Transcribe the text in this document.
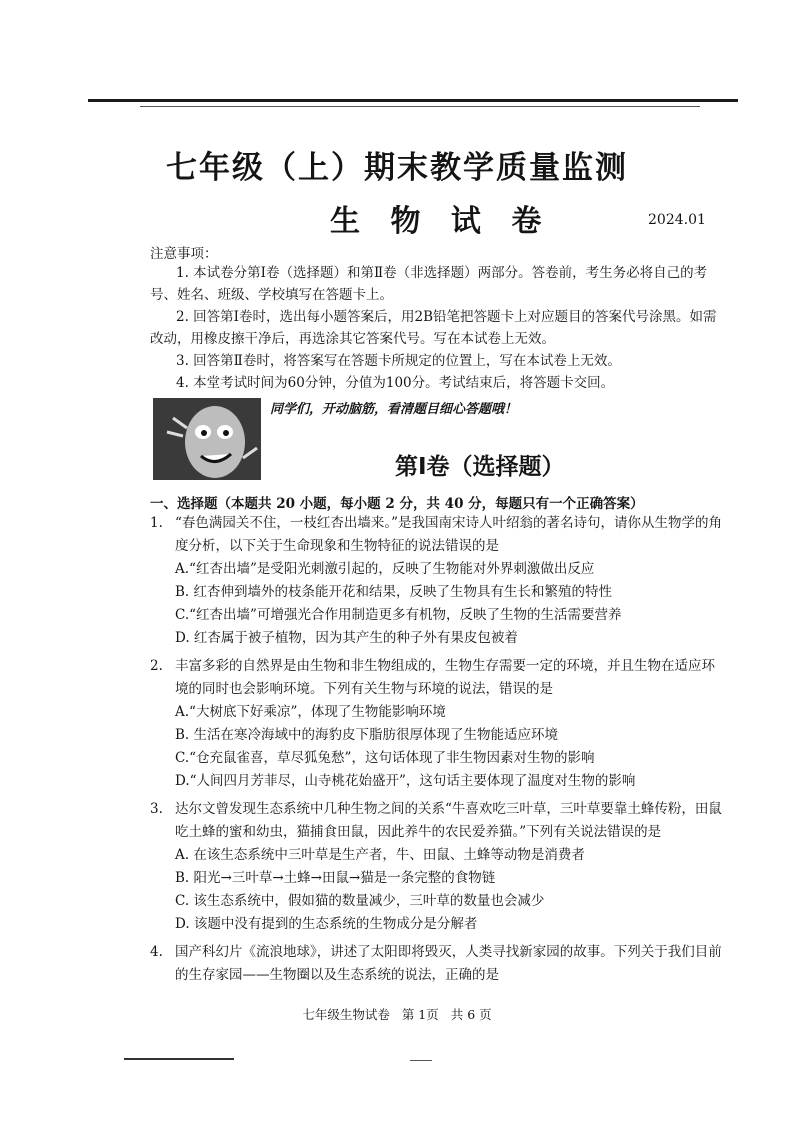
七年级（上）期末教学质量监测
生 物 试 卷	2024.01
注意事项：

1. 本试卷分第Ⅰ卷（选择题）和第Ⅱ卷（非选择题）两部分。答卷前，考生务必将自己的考号、姓名、班级、学校填写在答题卡上。

2. 回答第Ⅰ卷时，选出每小题答案后，用2B铅笔把答题卡上对应题目的答案代号涂黑。如需改动，用橡皮擦干净后，再选涂其它答案代号。写在本试卷上无效。

3. 回答第Ⅱ卷时，将答案写在答题卡所规定的位置上，写在本试卷上无效。

4. 本堂考试时间为60分钟，分值为100分。考试结束后，将答题卡交回。

同学们，开动脑筋，看清题目细心答题哦！
第Ⅰ卷（选择题）
一、选择题（本题共 20 小题，每小题 2 分，共 40 分，每题只有一个正确答案）
1. “春色满园关不住，一枝红杏出墙来。”是我国南宋诗人叶绍翁的著名诗句，请你从生物学的角度分析，以下关于生命现象和生物特征的说法错误的是
A.“红杏出墙”是受阳光刺激引起的，反映了生物能对外界刺激做出反应
B. 红杏伸到墙外的枝条能开花和结果，反映了生物具有生长和繁殖的特性
C.“红杏出墙”可增强光合作用制造更多有机物，反映了生物的生活需要营养
D. 红杏属于被子植物，因为其产生的种子外有果皮包被着
2. 丰富多彩的自然界是由生物和非生物组成的，生物生存需要一定的环境，并且生物在适应环境的同时也会影响环境。下列有关生物与环境的说法，错误的是
A.“大树底下好乘凉”，体现了生物能影响环境
B. 生活在寒冷海域中的海豹皮下脂肪很厚体现了生物能适应环境
C.“仓充鼠雀喜，草尽狐兔愁”，这句话体现了非生物因素对生物的影响
D.“人间四月芳菲尽，山寺桃花始盛开”，这句话主要体现了温度对生物的影响
3. 达尔文曾发现生态系统中几种生物之间的关系“牛喜欢吃三叶草，三叶草要靠土蜂传粉，田鼠吃土蜂的蜜和幼虫，猫捕食田鼠，因此养牛的农民爱养猫。”下列有关说法错误的是
A. 在该生态系统中三叶草是生产者，牛、田鼠、土蜂等动物是消费者
B. 阳光→三叶草→土蜂→田鼠→猫是一条完整的食物链
C. 该生态系统中，假如猫的数量减少，三叶草的数量也会减少
D. 该题中没有提到的生态系统的生物成分是分解者
4. 国产科幻片《流浪地球》，讲述了太阳即将毁灭，人类寻找新家园的故事。下列关于我们目前的生存家园——生物圈以及生态系统的说法，正确的是
七年级生物试卷 第 1页 共 6 页
